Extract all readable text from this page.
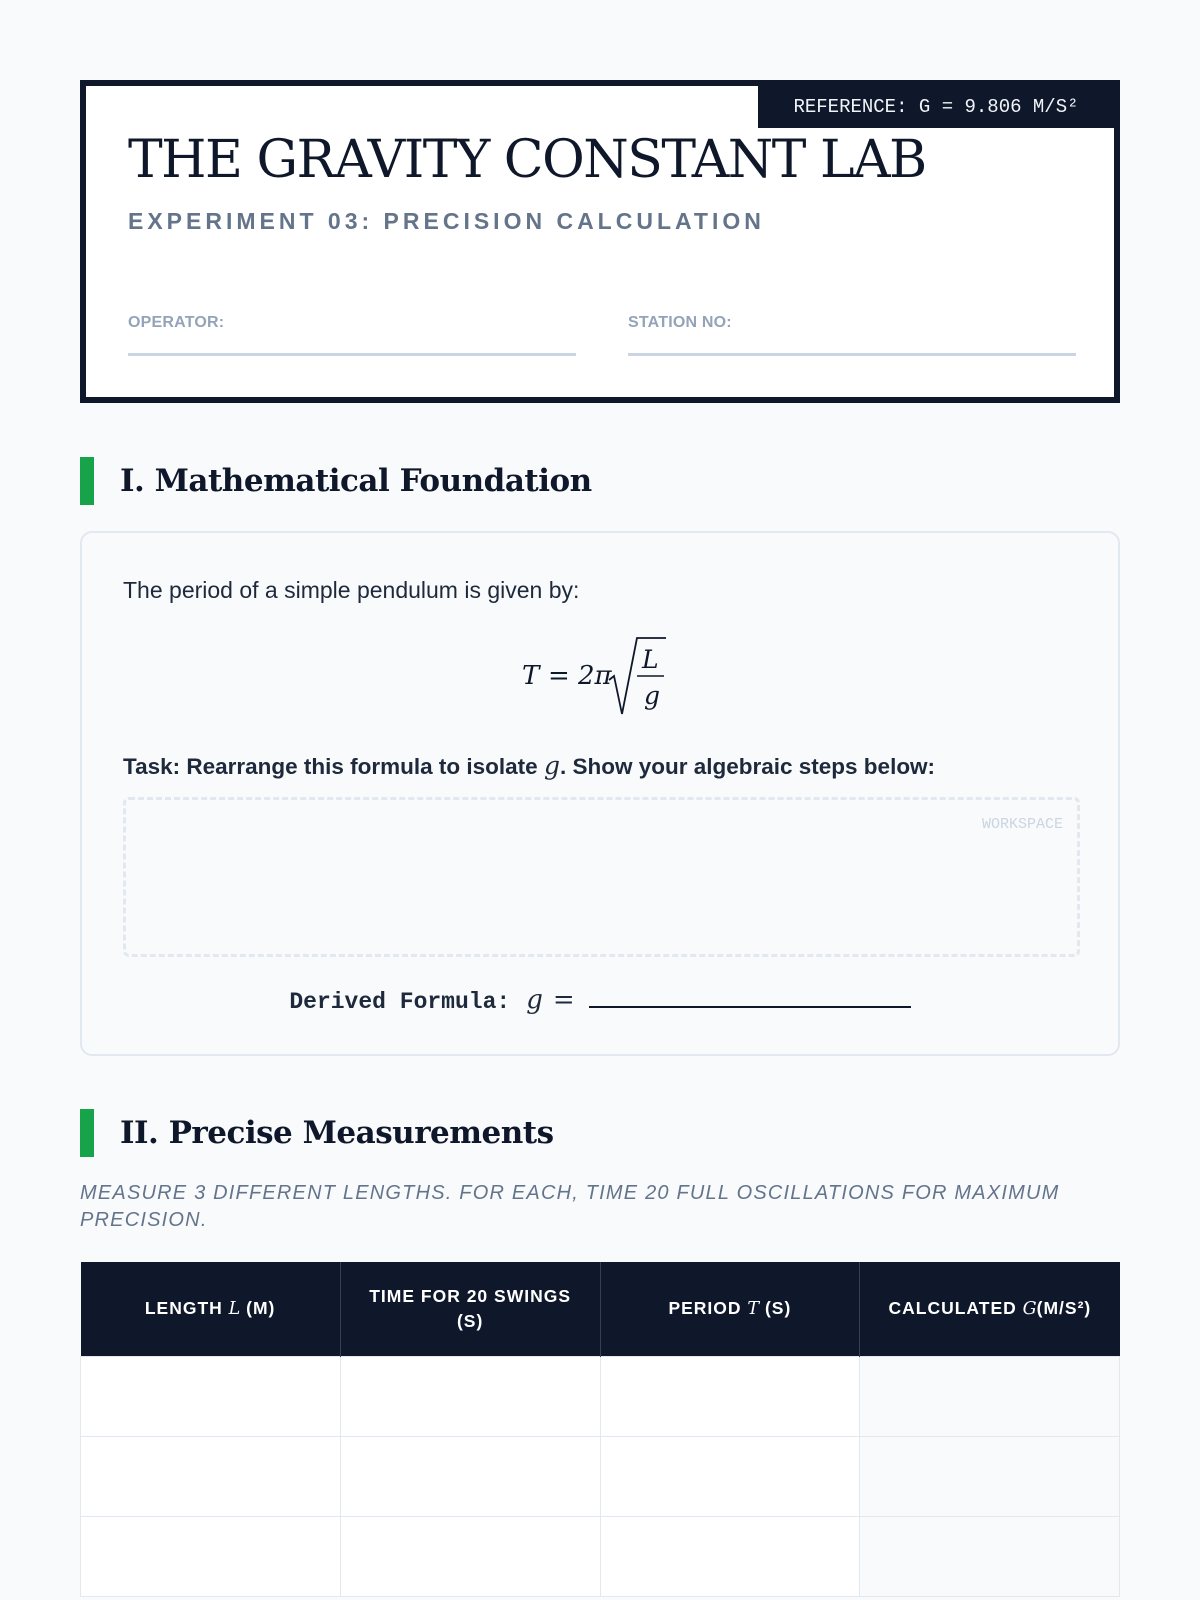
REFERENCE: G = 9.806 M/S²
THE GRAVITY CONSTANT LAB
EXPERIMENT 03: PRECISION CALCULATION
OPERATOR:	STATION NO:
I. Mathematical Foundation
The period of a simple pendulum is given by:
T = 2π
L
g
Task: Rearrange this formula to isolate g. Show your algebraic steps below:
WORKSPACE
Derived Formula: g =
II. Precise Measurements
MEASURE 3 DIFFERENT LENGTHS. FOR EACH, TIME 20 FULL OSCILLATIONS FOR MAXIMUM PRECISION.
LENGTH L (M)	TIME FOR 20 SWINGS (S)	PERIOD T (S)	CALCULATED G(M/S²)
